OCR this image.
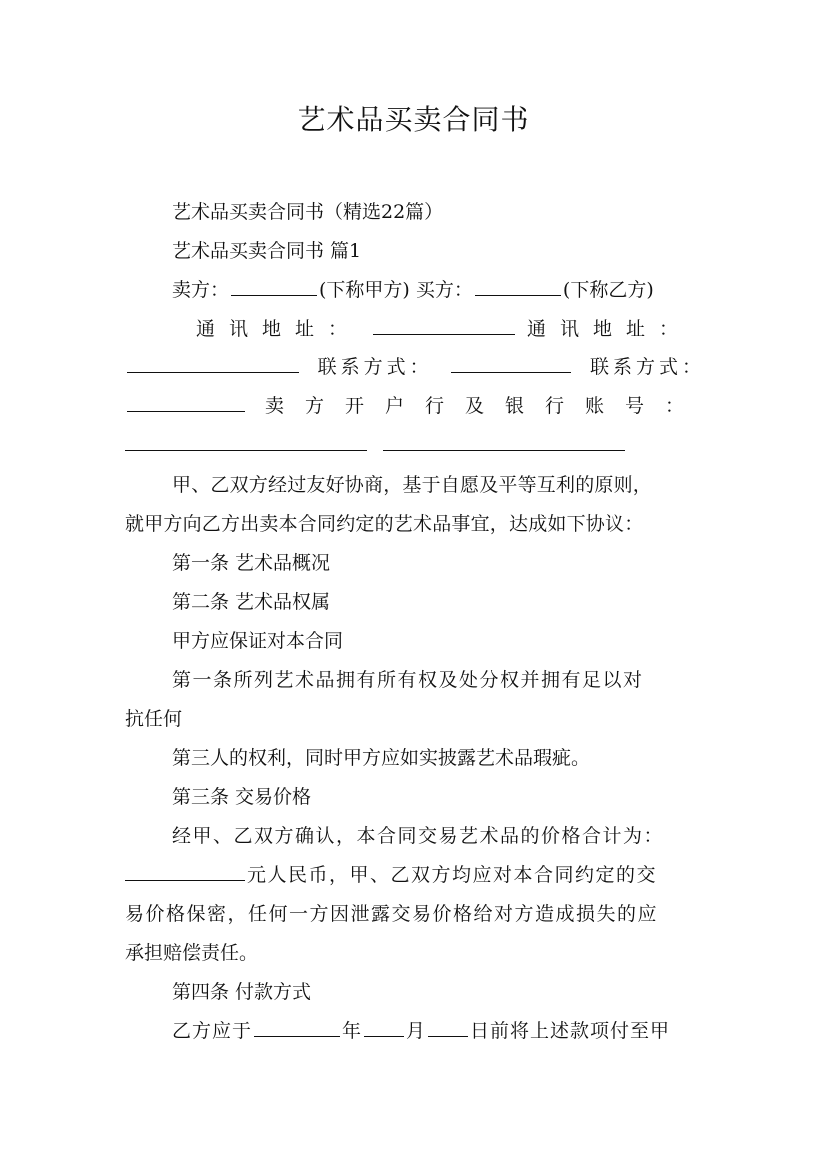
艺术品买卖合同书
艺术品买卖合同书（精选22篇）
艺术品买卖合同书 篇1
卖方：	(下称甲方) 买方：	(下称乙方)
通讯地址：	通讯地址：
联系方式：	联系方式：
卖方开户行及银行账号：

甲、乙双方经过友好协商，基于自愿及平等互利的原则，
就甲方向乙方出卖本合同约定的艺术品事宜，达成如下协议：
第一条 艺术品概况
第二条 艺术品权属
甲方应保证对本合同
第一条所列艺术品拥有所有权及处分权并拥有足以对
抗任何
第三人的权利，同时甲方应如实披露艺术品瑕疵。
第三条 交易价格
经甲、乙双方确认，本合同交易艺术品的价格合计为：
元人民币，甲、乙双方均应对本合同约定的交
易价格保密，任何一方因泄露交易价格给对方造成损失的应
承担赔偿责任。
第四条 付款方式
乙方应于	年 月 日前将上述款项付至甲
